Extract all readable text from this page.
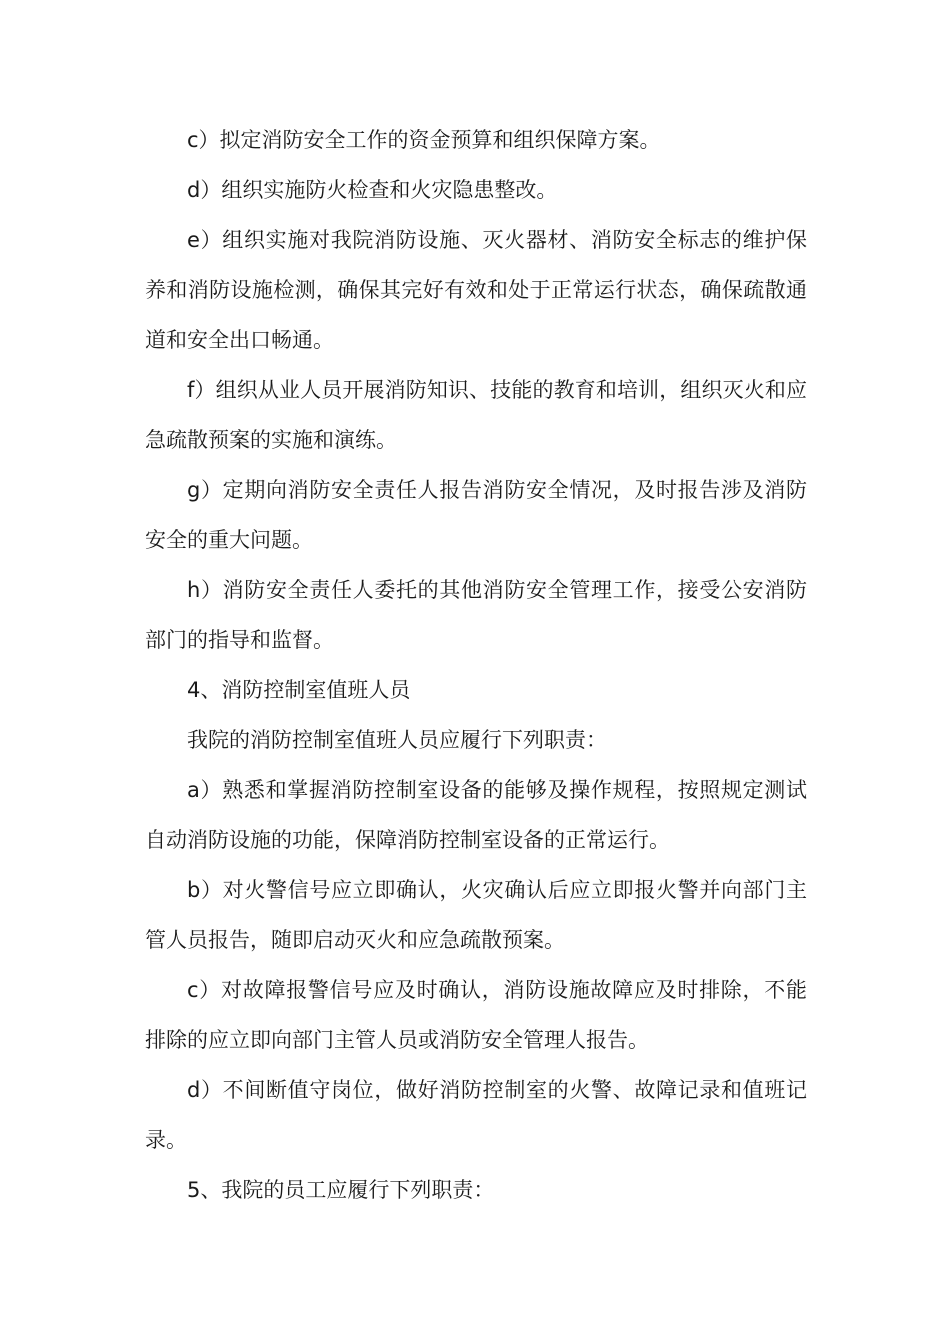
c）拟定消防安全工作的资金预算和组织保障方案。

d）组织实施防火检查和火灾隐患整改。

e）组织实施对我院消防设施、灭火器材、消防安全标志的维护保养和消防设施检测，确保其完好有效和处于正常运行状态，确保疏散通道和安全出口畅通。

f）组织从业人员开展消防知识、技能的教育和培训，组织灭火和应急疏散预案的实施和演练。

g）定期向消防安全责任人报告消防安全情况，及时报告涉及消防安全的重大问题。

h）消防安全责任人委托的其他消防安全管理工作，接受公安消防部门的指导和监督。

4、消防控制室值班人员

我院的消防控制室值班人员应履行下列职责：

a）熟悉和掌握消防控制室设备的能够及操作规程，按照规定测试自动消防设施的功能，保障消防控制室设备的正常运行。

b）对火警信号应立即确认，火灾确认后应立即报火警并向部门主管人员报告，随即启动灭火和应急疏散预案。

c）对故障报警信号应及时确认，消防设施故障应及时排除，不能排除的应立即向部门主管人员或消防安全管理人报告。

d）不间断值守岗位，做好消防控制室的火警、故障记录和值班记录。

5、我院的员工应履行下列职责：
